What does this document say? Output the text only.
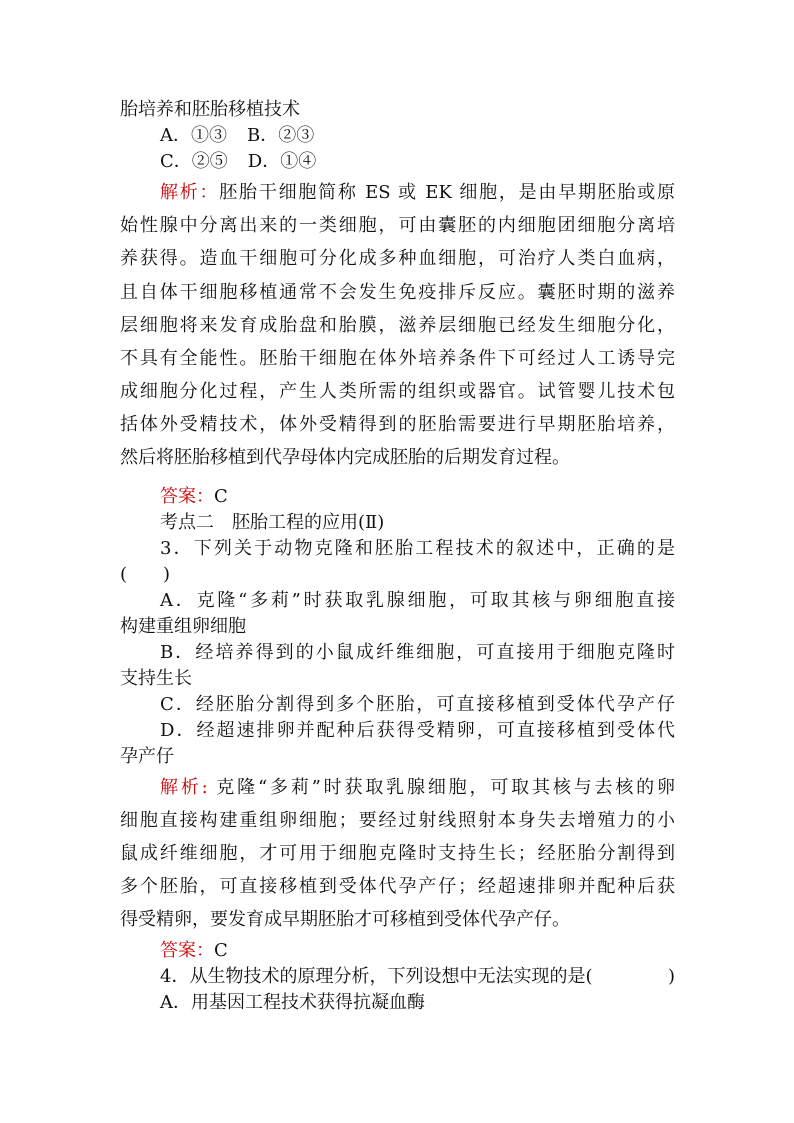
胎培养和胚胎移植技术
A．①③ B．②③
C．②⑤ D．①④
解析：胚胎干细胞简称 ES 或 EK 细胞，是由早期胚胎或原
始性腺中分离出来的一类细胞，可由囊胚的内细胞团细胞分离培
养获得。造血干细胞可分化成多种血细胞，可治疗人类白血病，
且自体干细胞移植通常不会发生免疫排斥反应。囊胚时期的滋养
层细胞将来发育成胎盘和胎膜，滋养层细胞已经发生细胞分化，
不具有全能性。胚胎干细胞在体外培养条件下可经过人工诱导完
成细胞分化过程，产生人类所需的组织或器官。试管婴儿技术包
括体外受精技术，体外受精得到的胚胎需要进行早期胚胎培养，
然后将胚胎移植到代孕母体内完成胚胎的后期发育过程。
答案：C
考点二　胚胎工程的应用(Ⅱ)
3．下列关于动物克隆和胚胎工程技术的叙述中，正确的是
(　　)
A．克隆“多莉”时获取乳腺细胞，可取其核与卵细胞直接
构建重组卵细胞
B．经培养得到的小鼠成纤维细胞，可直接用于细胞克隆时
支持生长
C．经胚胎分割得到多个胚胎，可直接移植到受体代孕产仔
D．经超速排卵并配种后获得受精卵，可直接移植到受体代
孕产仔
解析: 克隆“多莉”时获取乳腺细胞，可取其核与去核的卵
细胞直接构建重组卵细胞；要经过射线照射本身失去增殖力的小
鼠成纤维细胞，才可用于细胞克隆时支持生长；经胚胎分割得到
多个胚胎，可直接移植到受体代孕产仔；经超速排卵并配种后获
得受精卵，要发育成早期胚胎才可移植到受体代孕产仔。
答案：C
4．从生物技术的原理分析，下列设想中无法实现的是(	)
A．用基因工程技术获得抗凝血酶
